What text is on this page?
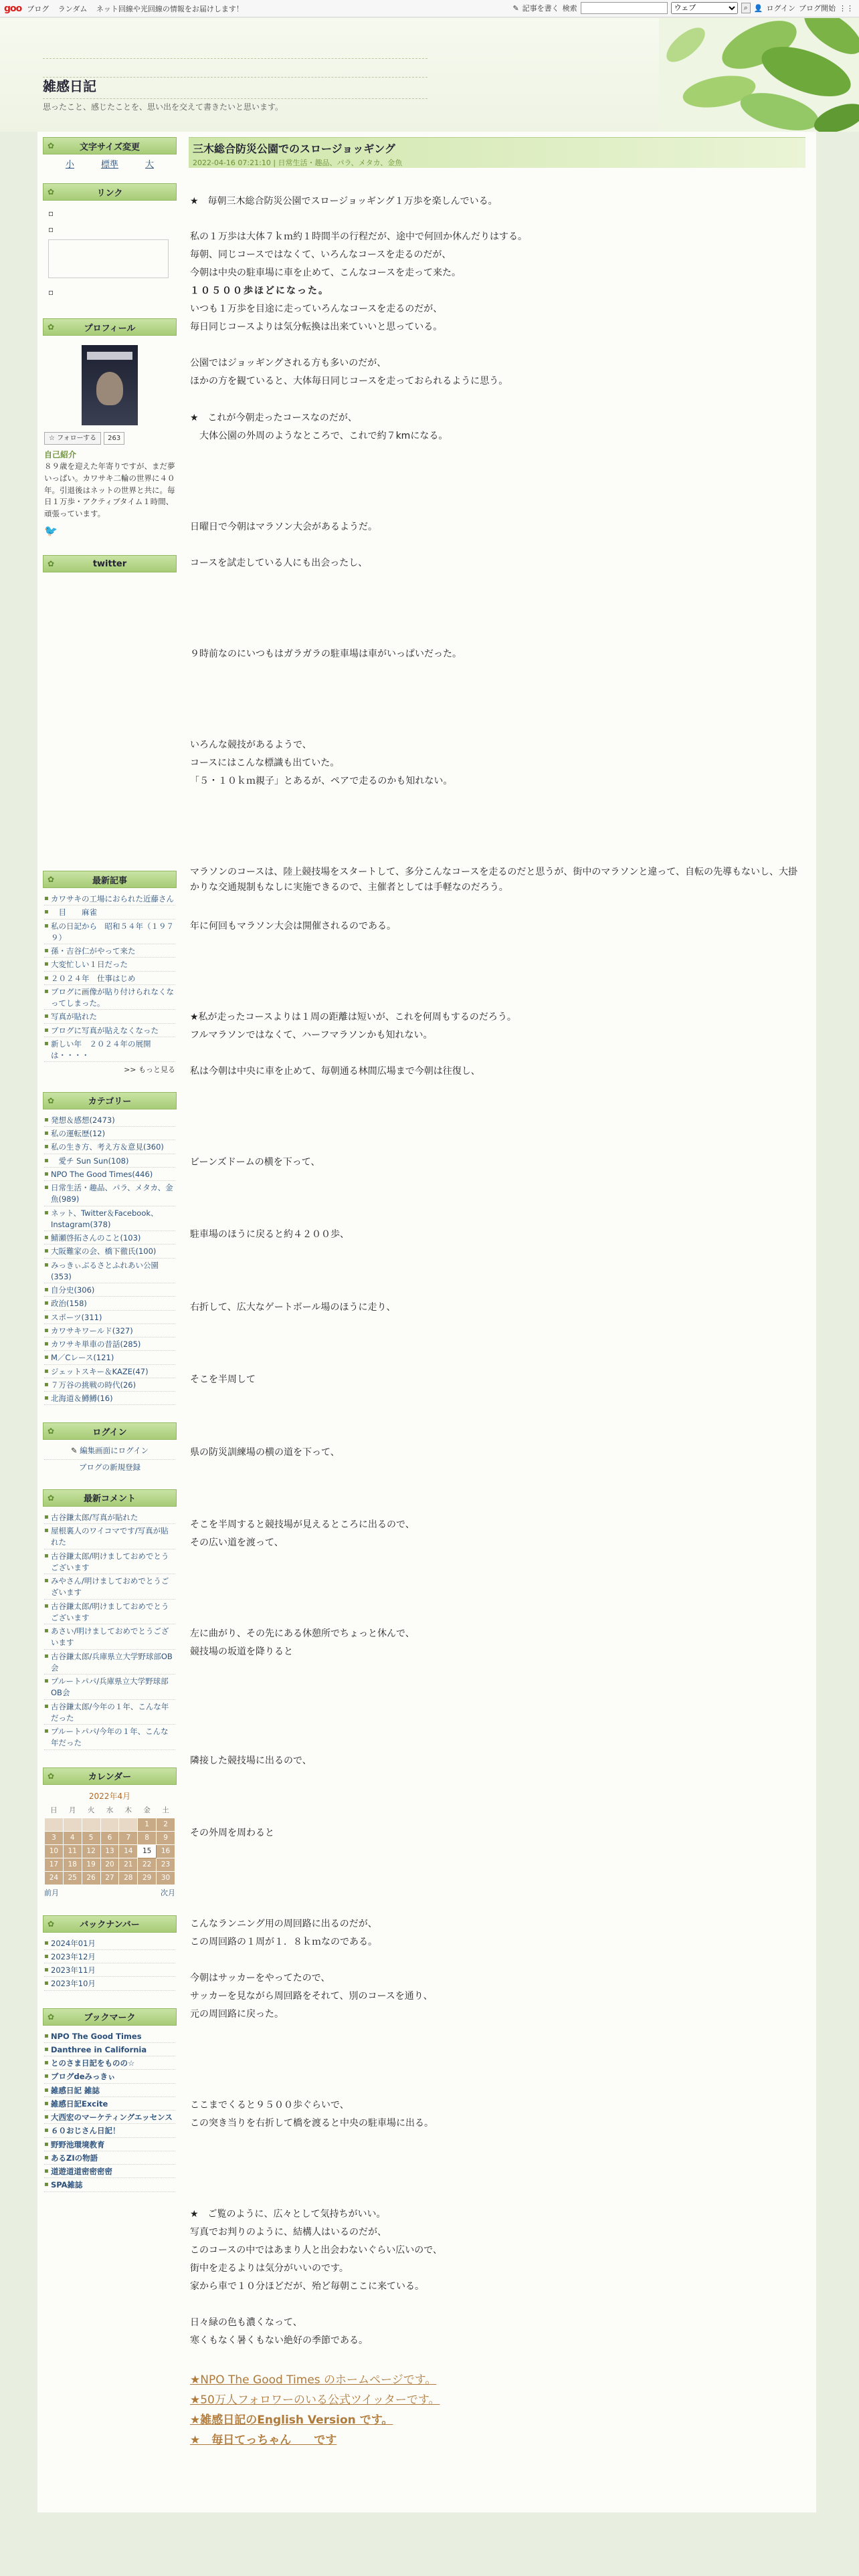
goo ブログ ランダム ネット回線や光回線の情報をお届けします！	✎ 記事を書く 検索
ウェブ	⌕ 👤 ログイン ブログ開始 ⋮⋮
雑感日記
思ったこと、感じたことを、思い出を交えて書きたいと思います。
✿ 文字サイズ変更
小	標準	大
✿ リンク
▫
▫
▫
✿ プロフィール
☆ フォローする	263
自己紹介
８９歳を迎えた年寄りですが、まだ夢いっぱい。カワサキ二輪の世界に４０年。引退後はネットの世界と共に。毎日１万歩・アクティブタイム１時間、頑張っています。
🐦
✿ twitter
✿ 最新記事
▪ カワサキの工場におられた近藤さん
▪ 　目　　麻雀
▪ 私の日記から　昭和５４年（１９７９）
▪ 孫・吉谷仁がやって来た
▪ 大変忙しい１日だった
▪ ２０２４年　仕事はじめ
▪ ブログに画像が貼り付けられなくなってしまった。
▪ 写真が貼れた
▪ ブログに写真が貼えなくなった
▪ 新しい年　２０２４年の展開は・・・・
>> もっと見る
✿ カテゴリー
▪ 発想＆感想(2473)
▪ 私の運転歴(12)
▪ 私の生き方、考え方＆意見(360)
▪ 　愛チ Sun Sun(108)
▪ NPO The Good Times(446)
▪ 日常生活・趣品、パラ、メタカ、金魚(989)
▪ ネット、Twitter＆Facebook、Instagram(378)
▪ 鯖瀬啓拓さんのこと(103)
▪ 大阪難家の会、橋下徹氏(100)
▪ みっきぃぶるさとふれあい公園(353)
▪ 自分史(306)
▪ 政治(158)
▪ スポーツ(311)
▪ カワサキワールド(327)
▪ カワサキ単車の昔話(285)
▪ M／Cレース(121)
▪ ジェットスキー＆KAZE(47)
▪ ７万谷の挑戦の時代(26)
▪ 北海道＆鱒鱒(16)
✿ ログイン
✎ 編集画面にログイン
ブログの新規登録
✿ 最新コメント
▪ 古谷鎌太郎/写真が貼れた
▪ 屋根裏人のワイコマです/写真が貼れた
▪ 古谷鎌太郎/明けましておめでとうございます
▪ みやさん/明けましておめでとうございます
▪ 古谷鎌太郎/明けましておめでとうございます
▪ あさい/明けましておめでとうございます
▪ 古谷鎌太郎/兵庫県立大学野球部OB会
▪ プルートパパ/兵庫県立大学野球部OB会
▪ 古谷鎌太郎/今年の１年、こんな年だった
▪ プルートパパ/今年の１年、こんな年だった
✿ カレンダー
2022年4月
日	月	火	水	木	金	土
					1	2
3	4	5	6	7	8	9
10	11	12	13	14	15	16
17	18	19	20	21	22	23
24	25	26	27	28	29	30
前月	次月
✿ バックナンバー
▪ 2024年01月
▪ 2023年12月
▪ 2023年11月
▪ 2023年10月
✿ ブックマーク
▪ NPO The Good Times
▪ Danthree in California
▪ とのさま日記をものの☆
▪ ブログdeみっきぃ
▪ 雑感日記 雑誌
▪ 雑感日記Excite
▪ 大西宏のマーケティングエッセンス
▪ ６０おじさん日記！
▪ 野野池環境教育
▪ あるZIの物語
▪ 道遊道道密密密密
▪ SPA雑誌
三木総合防災公園でのスロージョッギング
2022-04-16 07:21:10 | 日常生活・趣品、パラ、メタカ、金魚
★　毎朝三木総合防災公園でスロージョッギング１万歩を楽しんでいる。
私の１万歩は大体７ｋｍ約１時間半の行程だが、途中で何回か休んだりはする。
毎朝、同じコースではなくて、いろんなコースを走るのだが、
今朝は中央の駐車場に車を止めて、こんなコースを走って来た。
１０５００歩ほどになった。
いつも１万歩を目途に走っていろんなコースを走るのだが、
毎日同じコースよりは気分転換は出来ていいと思っている。
公園ではジョッギングされる方も多いのだが、
ほかの方を観ていると、大体毎日同じコースを走っておられるように思う。
★　これが今朝走ったコースなのだが、
　大体公園の外周のようなところで、これで約７kmになる。
日曜日で今朝はマラソン大会があるようだ。
コースを試走している人にも出会ったし、
９時前なのにいつもはガラガラの駐車場は車がいっぱいだった。
いろんな競技があるようで、
コースにはこんな標識も出ていた。
「５・１０ｋｍ親子」とあるが、ペアで走るのかも知れない。
マラソンのコースは、陸上競技場をスタートして、多分こんなコースを走るのだと思うが、街中のマラソンと違って、自転の先導もないし、大掛かりな交通規制もなしに実施できるので、主催者としては手軽なのだろう。
年に何回もマラソン大会は開催されるのである。
★私が走ったコースよりは１周の距離は短いが、これを何周もするのだろう。
フルマラソンではなくて、ハーフマラソンかも知れない。
私は今朝は中央に車を止めて、毎朝通る林間広場まで今朝は往復し、
ビーンズドームの横を下って、
駐車場のほうに戻ると約４２００歩、
右折して、広大なゲートボール場のほうに走り、
そこを半周して
県の防災訓練場の横の道を下って、
そこを半周すると競技場が見えるところに出るので、
その広い道を渡って、
左に曲がり、その先にある休憩所でちょっと休んで、
競技場の坂道を降りると
隣接した競技場に出るので、
その外周を周わると
こんなランニング用の周回路に出るのだが、
この周回路の１周が１．８ｋｍなのである。
今朝はサッカーをやってたので、
サッカーを見ながら周回路をそれて、別のコースを通り、
元の周回路に戻った。
ここまでくると９５００歩ぐらいで、
この突き当りを右折して橋を渡ると中央の駐車場に出る。
★　ご覧のように、広々として気持ちがいい。
写真でお判りのように、結構人はいるのだが、
このコースの中ではあまり人と出会わないぐらい広いので、
街中を走るよりは気分がいいのです。
家から車で１０分ほどだが、殆ど毎朝ここに来ている。
日々緑の色も濃くなって、
寒くもなく暑くもない絶好の季節である。
★NPO The Good Times のホームページです。
★50万人フォロワーのいる公式ツイッターです。
★雑感日記のEnglish Version です。
★　毎日てっちゃん　　です
